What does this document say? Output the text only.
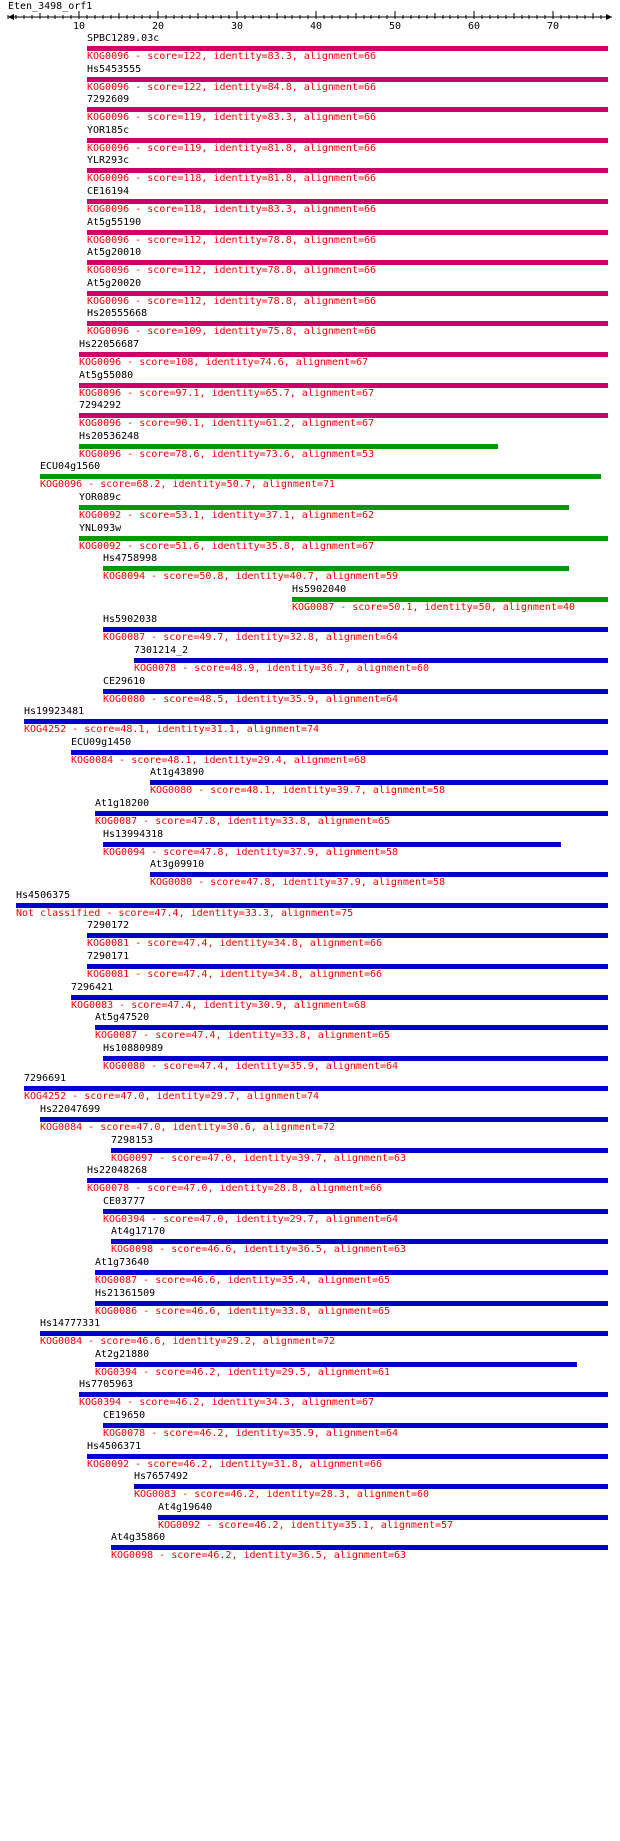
Eten_3498_orf1
10	20	30	40	50	60	70
SPBC1289.03c
KOG0096 - score=122, identity=83.3, alignment=66
Hs5453555
KOG0096 - score=122, identity=84.8, alignment=66
7292609
KOG0096 - score=119, identity=83.3, alignment=66
YOR185c
KOG0096 - score=119, identity=81.8, alignment=66
YLR293c
KOG0096 - score=118, identity=81.8, alignment=66
CE16194
KOG0096 - score=118, identity=83.3, alignment=66
At5g55190
KOG0096 - score=112, identity=78.8, alignment=66
At5g20010
KOG0096 - score=112, identity=78.8, alignment=66
At5g20020
KOG0096 - score=112, identity=78.8, alignment=66
Hs20555668
KOG0096 - score=109, identity=75.8, alignment=66
Hs22056687
KOG0096 - score=108, identity=74.6, alignment=67
At5g55080
KOG0096 - score=97.1, identity=65.7, alignment=67
7294292
KOG0096 - score=90.1, identity=61.2, alignment=67
Hs20536248
KOG0096 - score=78.6, identity=73.6, alignment=53
ECU04g1560
KOG0096 - score=68.2, identity=50.7, alignment=71
YOR089c
KOG0092 - score=53.1, identity=37.1, alignment=62
YNL093w
KOG0092 - score=51.6, identity=35.8, alignment=67
Hs4758998
KOG0094 - score=50.8, identity=40.7, alignment=59
Hs5902040
KOG0087 - score=50.1, identity=50, alignment=40
Hs5902038
KOG0087 - score=49.7, identity=32.8, alignment=64
7301214_2
KOG0078 - score=48.9, identity=36.7, alignment=60
CE29610
KOG0080 - score=48.5, identity=35.9, alignment=64
Hs19923481
KOG4252 - score=48.1, identity=31.1, alignment=74
ECU09g1450
KOG0084 - score=48.1, identity=29.4, alignment=68
At1g43890
KOG0080 - score=48.1, identity=39.7, alignment=58
At1g18200
KOG0087 - score=47.8, identity=33.8, alignment=65
Hs13994318
KOG0094 - score=47.8, identity=37.9, alignment=58
At3g09910
KOG0080 - score=47.8, identity=37.9, alignment=58
Hs4506375
Not classified - score=47.4, identity=33.3, alignment=75
7290172
KOG0081 - score=47.4, identity=34.8, alignment=66
7290171
KOG0081 - score=47.4, identity=34.8, alignment=66
7296421
KOG0083 - score=47.4, identity=30.9, alignment=68
At5g47520
KOG0087 - score=47.4, identity=33.8, alignment=65
Hs10880989
KOG0080 - score=47.4, identity=35.9, alignment=64
7296691
KOG4252 - score=47.0, identity=29.7, alignment=74
Hs22047699
KOG0084 - score=47.0, identity=30.6, alignment=72
7298153
KOG0097 - score=47.0, identity=39.7, alignment=63
Hs22048268
KOG0078 - score=47.0, identity=28.8, alignment=66
CE03777
KOG0394 - score=47.0, identity=29.7, alignment=64
At4g17170
KOG0098 - score=46.6, identity=36.5, alignment=63
At1g73640
KOG0087 - score=46.6, identity=35.4, alignment=65
Hs21361509
KOG0086 - score=46.6, identity=33.8, alignment=65
Hs14777331
KOG0084 - score=46.6, identity=29.2, alignment=72
At2g21880
KOG0394 - score=46.2, identity=29.5, alignment=61
Hs7705963
KOG0394 - score=46.2, identity=34.3, alignment=67
CE19650
KOG0078 - score=46.2, identity=35.9, alignment=64
Hs4506371
KOG0092 - score=46.2, identity=31.8, alignment=66
Hs7657492
KOG0083 - score=46.2, identity=28.3, alignment=60
At4g19640
KOG0092 - score=46.2, identity=35.1, alignment=57
At4g35860
KOG0098 - score=46.2, identity=36.5, alignment=63
